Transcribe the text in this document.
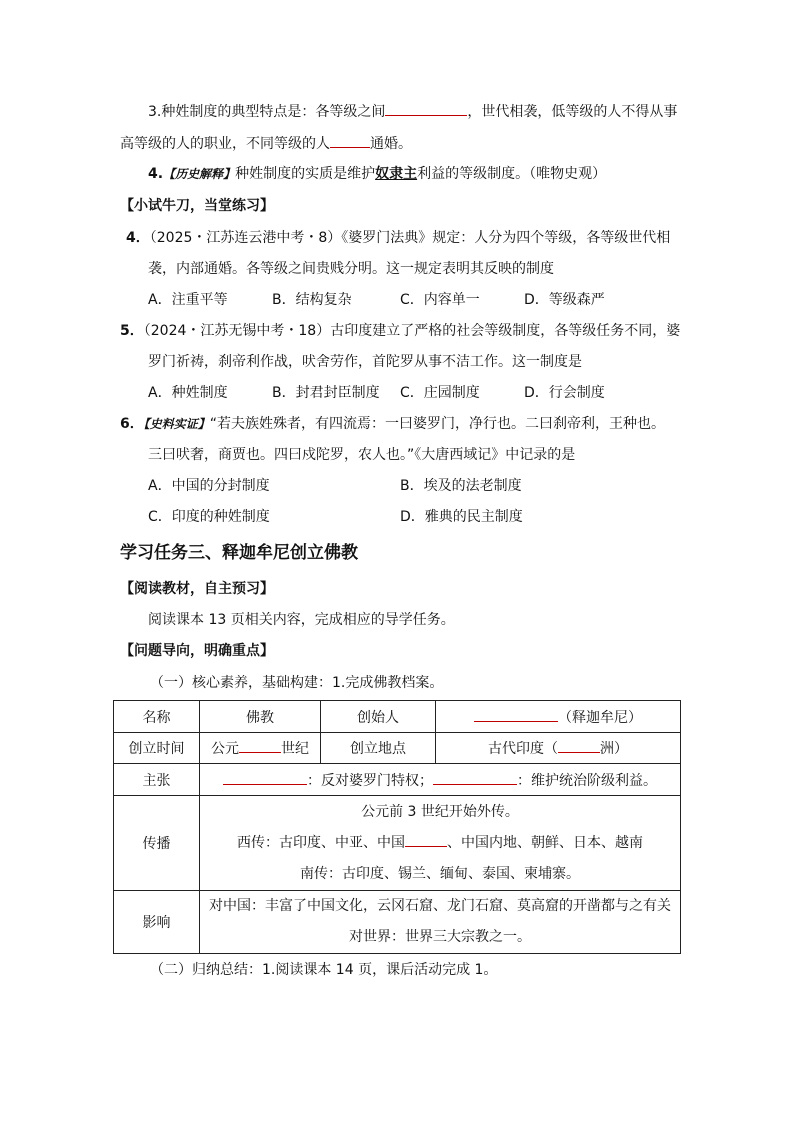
3.种姓制度的典型特点是：各等级之间	，世代相袭，低等级的人不得从事
高等级的人的职业，不同等级的人	通婚。
4.【历史解释】种姓制度的实质是维护奴隶主利益的等级制度。（唯物史观）
【小试牛刀，当堂练习】
4．（2025・江苏连云港中考・8）《婆罗门法典》规定：人分为四个等级，各等级世代相
袭，内部通婚。各等级之间贵贱分明。这一规定表明其反映的制度
A．注重平等	B．结构复杂	C．内容单一	D．等级森严
5．（2024・江苏无锡中考・18）古印度建立了严格的社会等级制度，各等级任务不同，婆
罗门祈祷，刹帝利作战，吠舍劳作，首陀罗从事不洁工作。这一制度是
A．种姓制度	B．封君封臣制度 C．庄园制度	D．行会制度
6．【史料实证】“若夫族姓殊者，有四流焉：一曰婆罗门，净行也。二曰刹帝利，王种也。
三曰吠奢，商贾也。四曰戍陀罗，农人也。”《大唐西域记》中记录的是
A．中国的分封制度	B．埃及的法老制度
C．印度的种姓制度	D．雅典的民主制度
学习任务三、释迦牟尼创立佛教
【阅读教材，自主预习】
阅读课本 13 页相关内容，完成相应的导学任务。
【问题导向，明确重点】
（一）核心素养，基础构建：1.完成佛教档案。
名称	佛教	创始人	（释迦牟尼）
创立时间	公元 世纪	创立地点	古代印度（ 洲）
主张	：反对婆罗门特权； ：维护统治阶级利益。		
传播	公元前 3 世纪开始外传。
西传：古印度、中亚、中国 、中国内地、朝鲜、日本、越南
南传：古印度、锡兰、缅甸、泰国、柬埔寨。		

影响	对中国：丰富了中国文化，云冈石窟、龙门石窟、莫高窟的开凿都与之有关
对世界：世界三大宗教之一。		
（二）归纳总结：1.阅读课本 14 页，课后活动完成 1。
